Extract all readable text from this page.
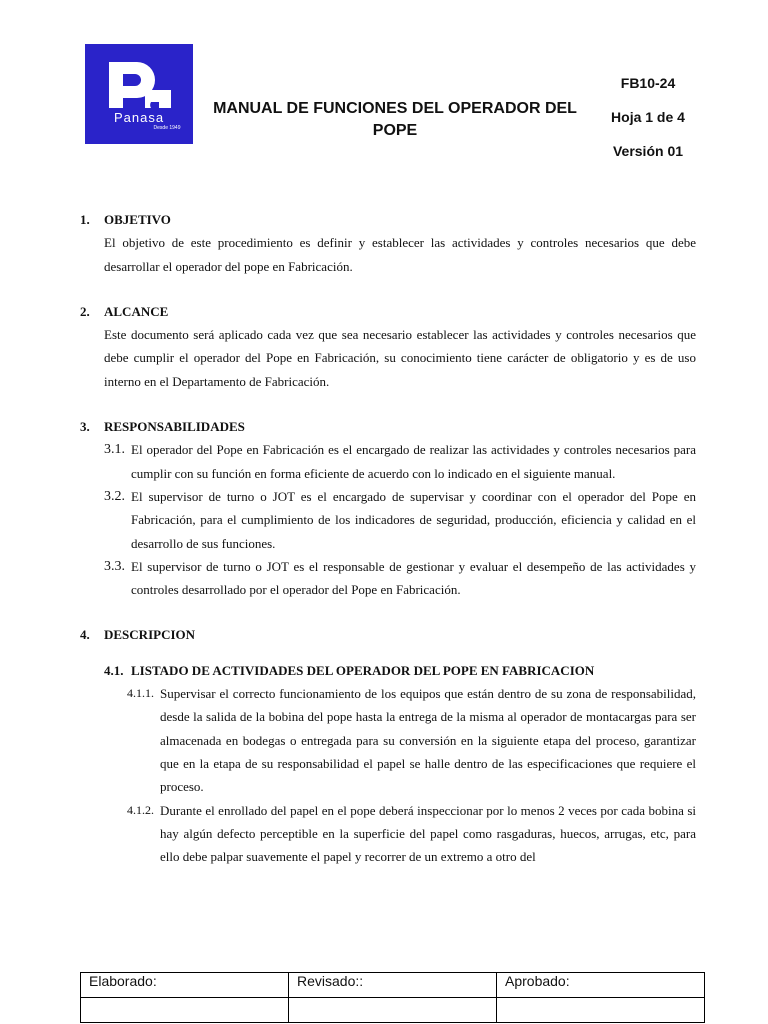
Panasa
Desde 1949
MANUAL DE FUNCIONES DEL OPERADOR DEL POPE
FB10-24
Hoja 1 de 4
Versión 01
1.	OBJETIVO
El objetivo de este procedimiento es definir y establecer las actividades y controles necesarios que debe desarrollar el operador del pope en Fabricación.
2.	ALCANCE
Este documento será aplicado cada vez que sea necesario establecer las actividades y controles necesarios que debe cumplir el operador del Pope en Fabricación, su conocimiento tiene carácter de obligatorio y es de uso interno en el Departamento de Fabricación.
3.	RESPONSABILIDADES
3.1. El operador del Pope en Fabricación es el encargado de realizar las actividades y controles necesarios para cumplir con su función en forma eficiente de acuerdo con lo indicado en el siguiente manual.
3.2. El supervisor de turno o JOT es el encargado de supervisar y coordinar con el operador del Pope en Fabricación, para el cumplimiento de los indicadores de seguridad, producción, eficiencia y calidad en el desarrollo de sus funciones.
3.3. El supervisor de turno o JOT es el responsable de gestionar y evaluar el desempeño de las actividades y controles desarrollado por el operador del Pope en Fabricación.
4.	DESCRIPCION
4.1. LISTADO DE ACTIVIDADES DEL OPERADOR DEL POPE EN FABRICACION
4.1.1. Supervisar el correcto funcionamiento de los equipos que están dentro de su zona de responsabilidad, desde la salida de la bobina del pope hasta la entrega de la misma al operador de montacargas para ser almacenada en bodegas o entregada para su conversión en la siguiente etapa del proceso, garantizar que en la etapa de su responsabilidad el papel se halle dentro de las especificaciones que requiere el proceso.
4.1.2. Durante el enrollado del papel en el pope deberá inspeccionar por lo menos 2 veces por cada bobina si hay algún defecto perceptible en la superficie del papel como rasgaduras, huecos, arrugas, etc, para ello debe palpar suavemente el papel y recorrer de un extremo a otro del
Elaborado:	Revisado::	Aprobado:
